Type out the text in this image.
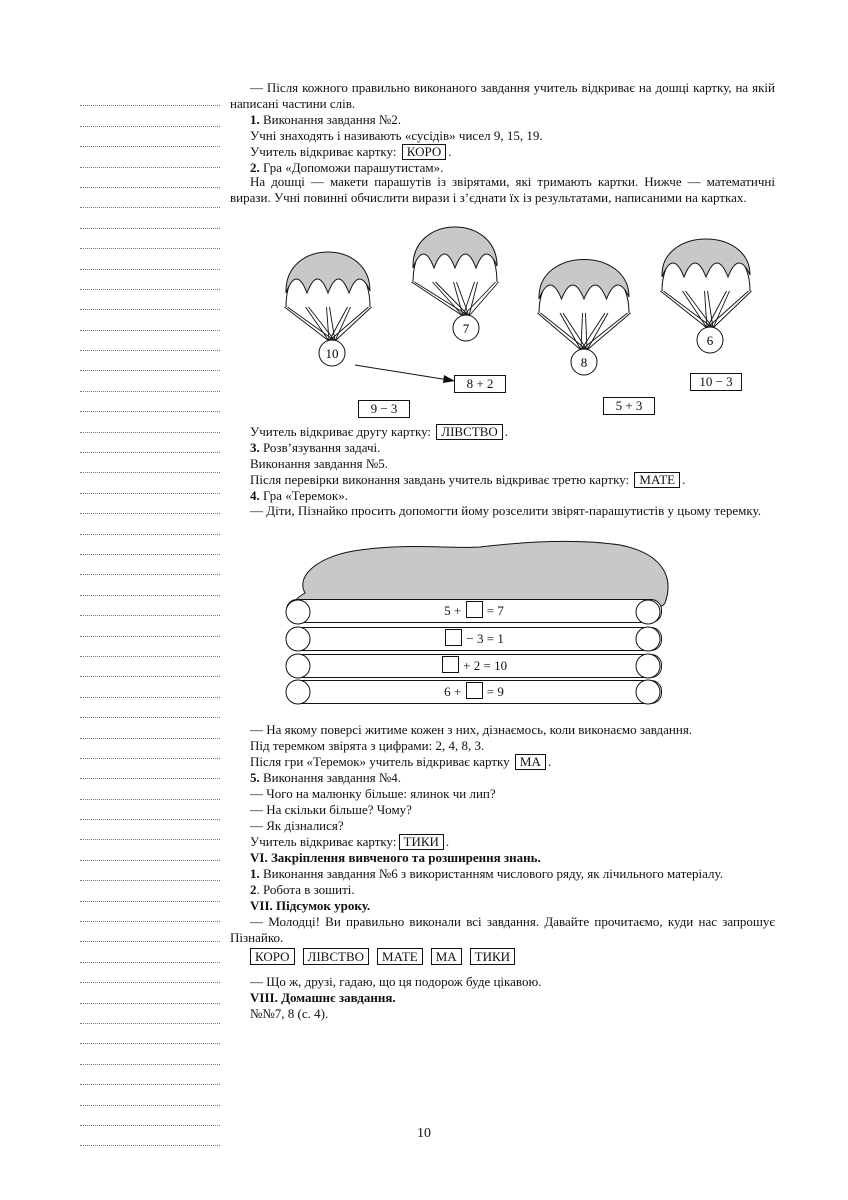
— Після кожного правильно виконаного завдання учитель відкриває на дошці картку, на якій написані частини слів.

1. Виконання завдання №2.

Учні знаходять і називають «сусідів» чисел 9, 15, 19.

Учитель відкриває картку: КОРО .

2. Гра «Допоможи парашутистам».

На дошці — макети парашутів із звірятами, які тримають картки. Нижче — математичні вирази. Учні повинні обчислити вирази і з’єднати їх із результатами, написаними на картках.

10
7
8
6
9 − 3
8 + 2
5 + 3
10 − 3

Учитель відкриває другу картку: ЛІВСТВО .

3. Розв’язування задачі.

Виконання завдання №5.

Після перевірки виконання завдань учитель відкриває третю картку: МАТЕ .

4. Гра «Теремок».

— Діти, Пізнайко просить допомогти йому розселити звірят-парашутистів у цьому теремку.

5 + = 7
− 3 = 1
+ 2 = 10
6 + = 9

— На якому поверсі житиме кожен з них, дізнаємось, коли виконаємо завдання.

Під теремком звірята з цифрами: 2, 4, 8, 3.

Після гри «Теремок» учитель відкриває картку МА .

5. Виконання завдання №4.

— Чого на малюнку більше: ялинок чи лип?

— На скільки більше? Чому?

— Як дізналися?

Учитель відкриває картку: ТИКИ .

VI. Закріплення вивченого та розширення знань.

1. Виконання завдання №6 з використанням числового ряду, як лічильного матеріалу.

2. Робота в зошиті.

VII. Підсумок уроку.

— Молодці! Ви правильно виконали всі завдання. Давайте прочитаємо, куди нас запрошує Пізнайко.

КОРО ЛІВСТВО МАТЕ МА ТИКИ

— Що ж, друзі, гадаю, що ця подорож буде цікавою.

VIII. Домашнє завдання.

№№7, 8 (с. 4).

10
